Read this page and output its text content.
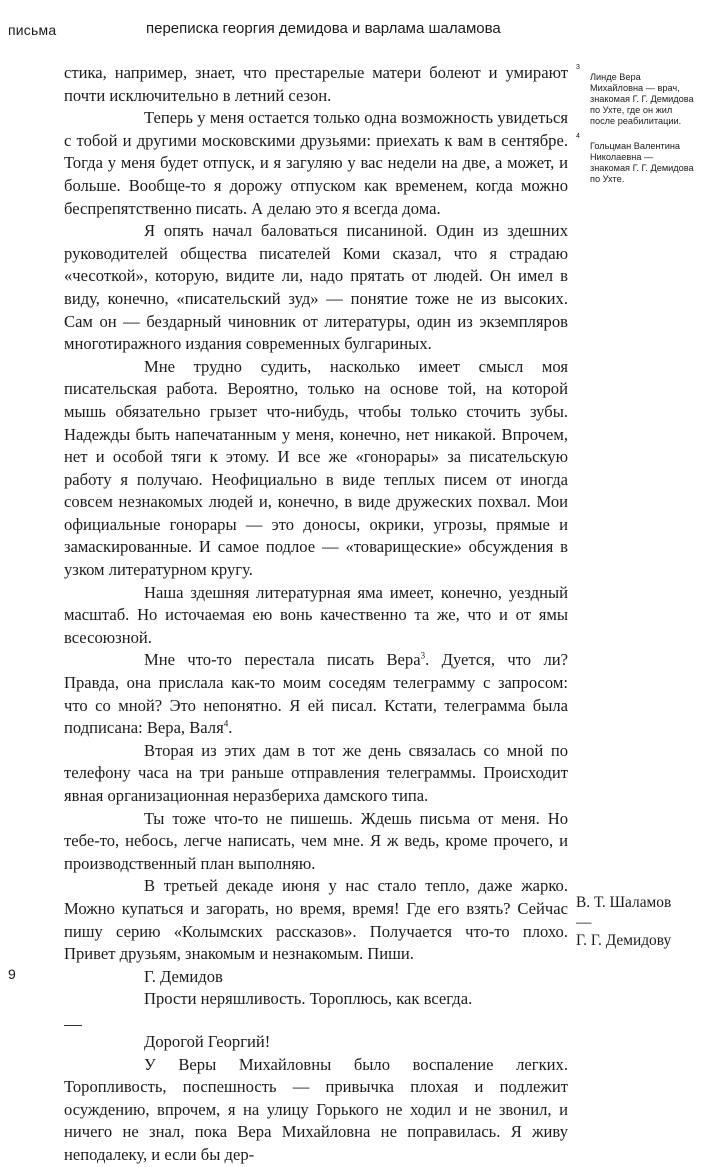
письма	переписка георгия демидова и варлама шаламова

стика, например, знает, что престарелые матери болеют и умирают почти исключительно в летний сезон.

Теперь у меня остается только одна возможность увидеться с тобой и другими московскими друзьями: приехать к вам в сентябре. Тогда у меня будет отпуск, и я загуляю у вас недели на две, а может, и больше. Вообще-то я дорожу отпуском как временем, когда можно беспрепятственно писать. А делаю это я всегда дома.

Я опять начал баловаться писаниной. Один из здешних руководителей общества писателей Коми сказал, что я страдаю «чесоткой», которую, видите ли, надо прятать от людей. Он имел в виду, конечно, «писательский зуд» — понятие тоже не из высоких. Сам он — бездарный чиновник от литературы, один из экземпляров многотиражного издания современных булгариных.

Мне трудно судить, насколько имеет смысл моя писательская работа. Вероятно, только на основе той, на которой мышь обязательно грызет что-нибудь, чтобы только сточить зубы. Надежды быть напечатанным у меня, конечно, нет никакой. Впрочем, нет и особой тяги к этому. И все же «гонорары» за писательскую работу я получаю. Неофициально в виде теплых писем от иногда совсем незнакомых людей и, конечно, в виде дружеских похвал. Мои официальные гонорары — это доносы, окрики, угрозы, прямые и замаскированные. И самое подлое — «товарищеские» обсуждения в узком литературном кругу.

Наша здешняя литературная яма имеет, конечно, уездный масштаб. Но источаемая ею вонь качественно та же, что и от ямы всесоюзной.

Мне что-то перестала писать Вера$^3$. Дуется, что ли? Правда, она прислала как-то моим соседям телеграмму с запросом: что со мной? Это непонятно. Я ей писал. Кстати, телеграмма была подписана: Вера, Валя$^4$.

Вторая из этих дам в тот же день связалась со мной по телефону часа на три раньше отправления телеграммы. Происходит явная организационная неразбериха дамского типа.

Ты тоже что-то не пишешь. Ждешь письма от меня. Но тебе-то, небось, легче написать, чем мне. Я ж ведь, кроме прочего, и производственный план выполняю.

В третьей декаде июня у нас стало тепло, даже жарко. Можно купаться и загорать, но время, время! Где его взять? Сейчас пишу серию «Колымских рассказов». Получается что-то плохо. Привет друзьям, знакомым и незнакомым. Пиши.

Г. Демидов

Прости неряшливость. Тороплюсь, как всегда.

Дорогой Георгий!

У Веры Михайловны было воспаление легких. Торопливость, поспешность — привычка плохая и подлежит осуждению, впрочем, я на улицу Горького не ходил и не звонил, и ничего не знал, пока Вера Михайловна не поправилась. Я живу неподалеку, и если бы дер-

3
Линде Вера Михайловна — врач, знакомая Г. Г. Демидова по Ухте, где он жил после реабилитации.
4
Гольцман Валентина Николаевна — знакомая Г. Г. Демидова по Ухте.
В. Т. Шаламов
—
Г. Г. Демидову
9
